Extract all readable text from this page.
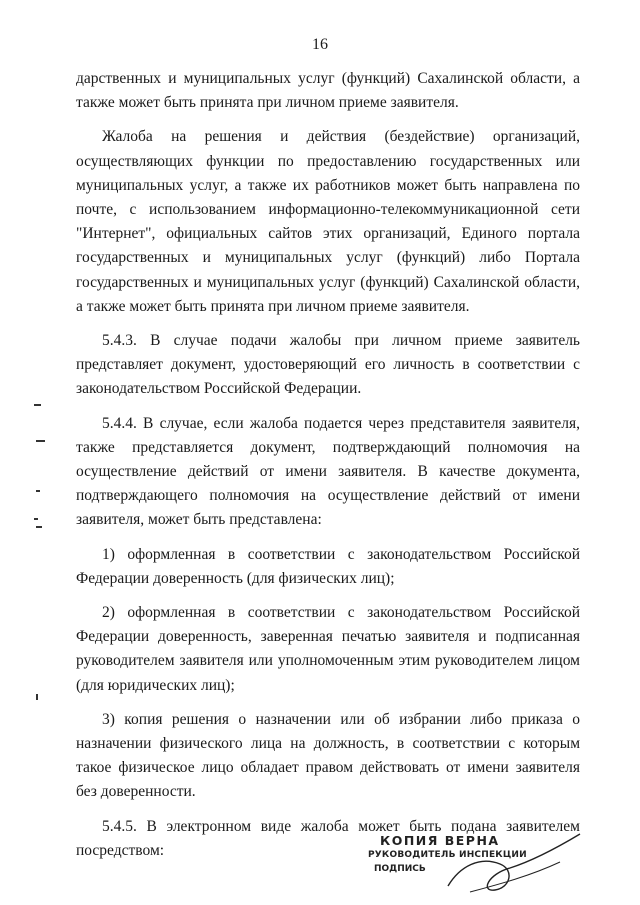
16

дарственных и муниципальных услуг (функций) Сахалинской области, а также может быть принята при личном приеме заявителя.

Жалоба на решения и действия (бездействие) организаций, осуществляющих функции по предоставлению государственных или муниципальных услуг, а также их работников может быть направлена по почте, с использованием информационно-телекоммуникационной сети "Интернет", официальных сайтов этих организаций, Единого портала государственных и муниципальных услуг (функций) либо Портала государственных и муниципальных услуг (функций) Сахалинской области, а также может быть принята при личном приеме заявителя.

5.4.3. В случае подачи жалобы при личном приеме заявитель представляет документ, удостоверяющий его личность в соответствии с законодательством Российской Федерации.

5.4.4. В случае, если жалоба подается через представителя заявителя, также представляется документ, подтверждающий полномочия на осуществление действий от имени заявителя. В качестве документа, подтверждающего полномочия на осуществление действий от имени заявителя, может быть представлена:

1) оформленная в соответствии с законодательством Российской Федерации доверенность (для физических лиц);

2) оформленная в соответствии с законодательством Российской Федерации доверенность, заверенная печатью заявителя и подписанная руководителем заявителя или уполномоченным этим руководителем лицом (для юридических лиц);

3) копия решения о назначении или об избрании либо приказа о назначении физического лица на должность, в соответствии с которым такое физическое лицо обладает правом действовать от имени заявителя без доверенности.

5.4.5. В электронном виде жалоба может быть подана заявителем посредством:

КОПИЯ ВЕРНА
РУКОВОДИТЕЛЬ ИНСПЕКЦИИ
ПОДПИСЬ
